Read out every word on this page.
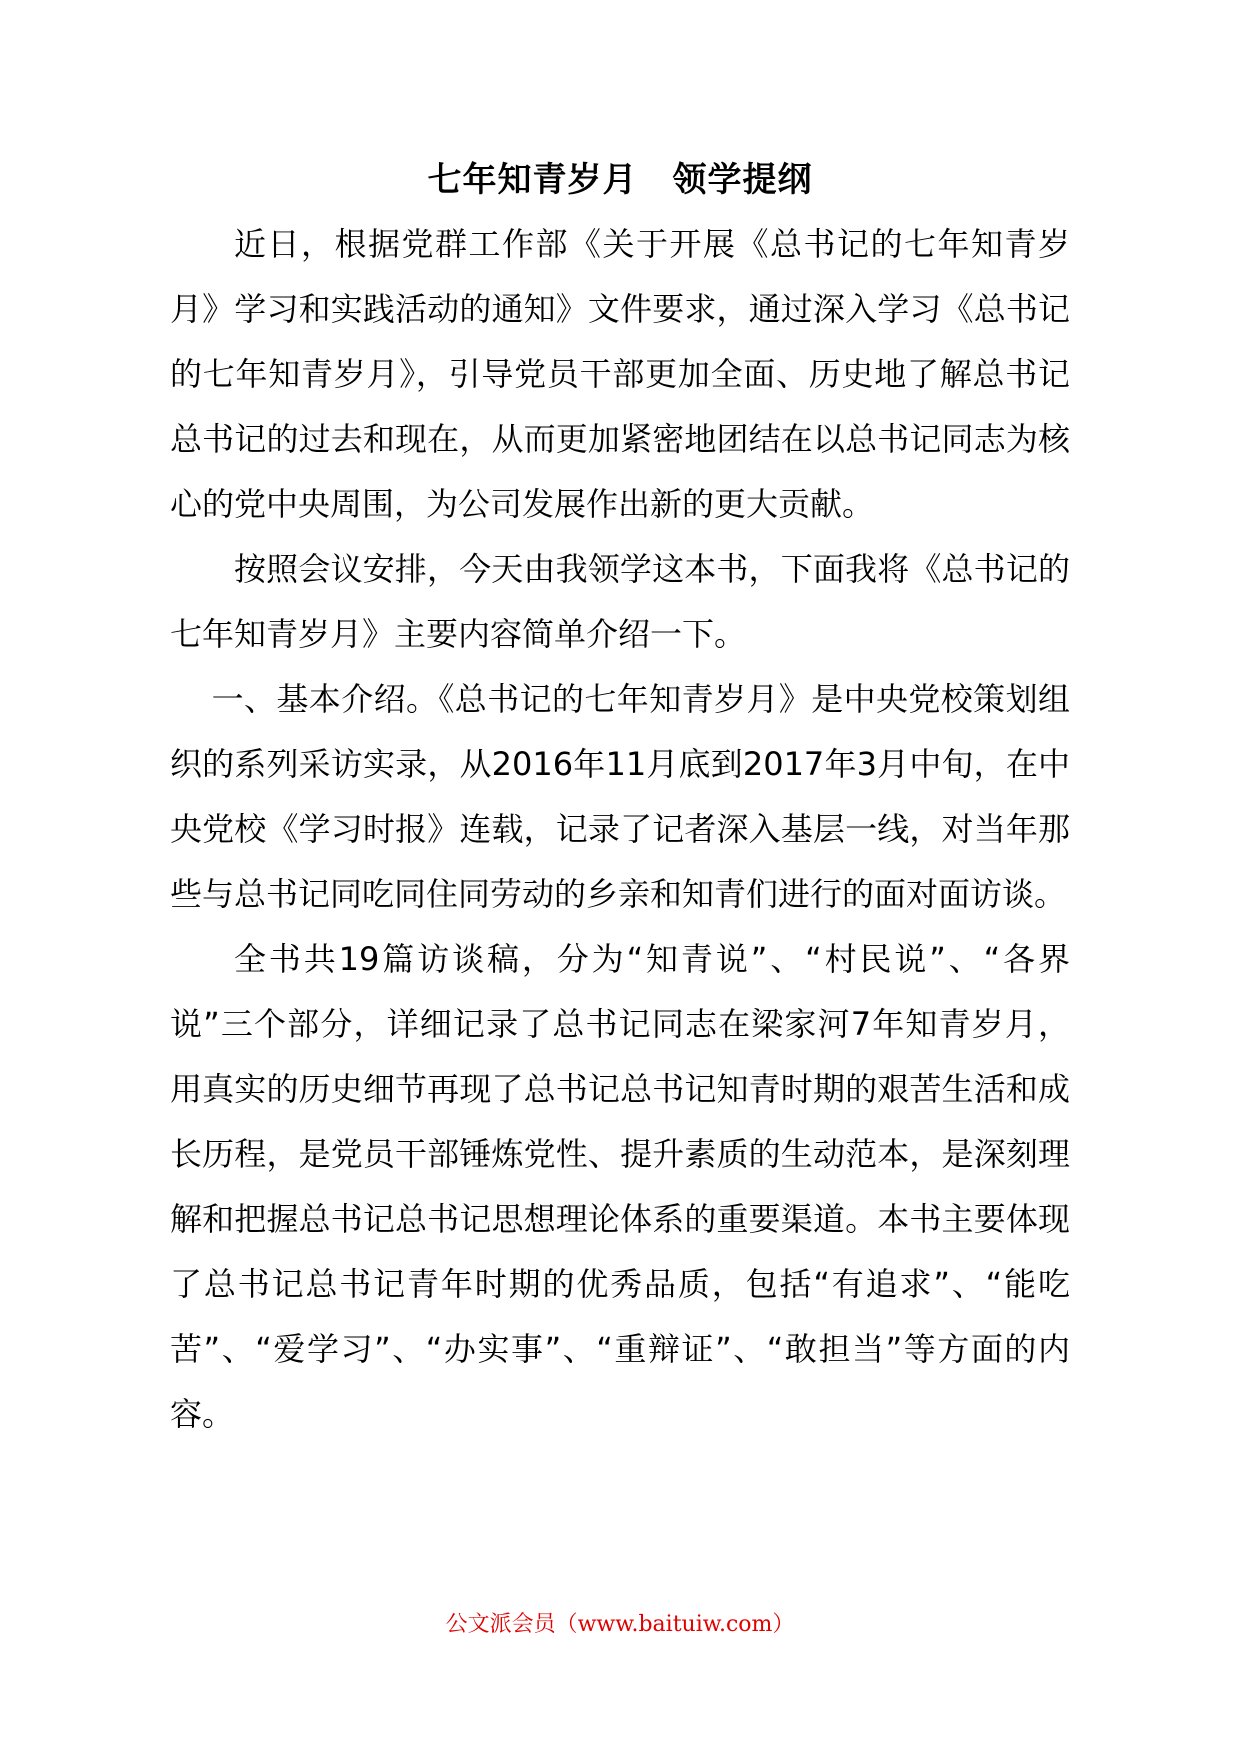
七年知青岁月　领学提纲

近日，根据党群工作部《关于开展《总书记的七年知青岁月》学习和实践活动的通知》文件要求，通过深入学习《总书记的七年知青岁月》，引导党员干部更加全面、历史地了解总书记总书记的过去和现在，从而更加紧密地团结在以总书记同志为核心的党中央周围，为公司发展作出新的更大贡献。

按照会议安排，今天由我领学这本书，下面我将《总书记的七年知青岁月》主要内容简单介绍一下。

一、基本介绍。《总书记的七年知青岁月》是中央党校策划组织的系列采访实录，从2016年11月底到2017年3月中旬，在中央党校《学习时报》连载，记录了记者深入基层一线，对当年那些与总书记同吃同住同劳动的乡亲和知青们进行的面对面访谈。

全书共19篇访谈稿，分为“知青说”、“村民说”、“各界说”三个部分，详细记录了总书记同志在梁家河7年知青岁月，用真实的历史细节再现了总书记总书记知青时期的艰苦生活和成长历程，是党员干部锤炼党性、提升素质的生动范本，是深刻理解和把握总书记总书记思想理论体系的重要渠道。本书主要体现了总书记总书记青年时期的优秀品质，包括“有追求”、“能吃苦”、“爱学习”、“办实事”、“重辩证”、“敢担当”等方面的内容。

公文派会员（www.baituiw.com）
